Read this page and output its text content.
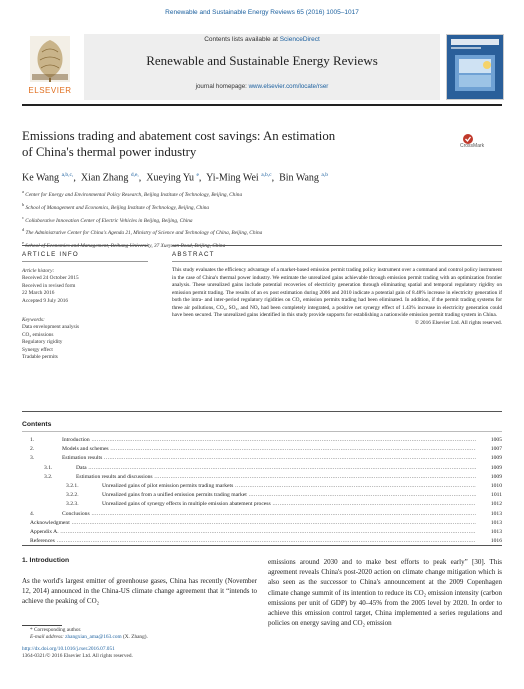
Renewable and Sustainable Energy Reviews 65 (2016) 1005–1017
ELSEVIER
Contents lists available at ScienceDirect
Renewable and Sustainable Energy Reviews
journal homepage: www.elsevier.com/locate/rser
Emissions trading and abatement cost savings: An estimation
of China's thermal power industry	CrossMark
Ke Wang $^{a,b,c,}$,  Xian Zhang $^{d,e,}$,  Xueying Yu $^e$,  Yi-Ming Wei $^{a,b,c}$,  Bin Wang $^{a,b}$
$^a$ Center for Energy and Environmental Policy Research, Beijing Institute of Technology, Beijing, China
$^b$ School of Management and Economics, Beijing Institute of Technology, Beijing, China
$^c$ Collaborative Innovation Center of Electric Vehicles in Beijing, Beijing, China
$^d$ The Administrative Center for China's Agenda 21, Ministry of Science and Technology of China, Beijing, China
$^e$ 37 Xueyuan
ARTICLE INFO	ABSTRACT
Article history:
Received 24 October 2015
Received in revised form
22 March 2016
Accepted 9 July 2016
Keywords:
Data envelopment analysis
CO₂ emissions
Regulatory rigidity
Synergy effect
Tradable permits
This study evaluates the efficiency advantage of a market-based emission permit trading policy instrument over a command and control policy instrument in the case of China's thermal power industry. We estimate the unrealized gains achievable through emission permit trading with an optimization frontier analysis. These unrealized gains include potential recoveries of electricity generation through eliminating spatial and temporal regulatory rigidity on emission permit trading. The results of an ex post estimation during 2006 and 2010 indicate a potential gain of 8.48% increase in electricity generation if both the intra- and inter-period regulatory rigidities on CO₂ emission permits trading had been eliminated. In addition, if the permit trading systems for three air pollutions, CO₂, SO₂, and NOₓ had been completely integrated, a positive net synergy effect of 1.43% increase in electricity generation could have been secured. The unrealized gains identified in this study provide supports for establishing a nationwide emission permit trading system in China.
© 2016 Elsevier Ltd. All rights reserved.
Contents
1.	Introduction .....	1005
2.	Models and schemes .....	1007
3.	Estimation results .....	1009
3.1.	Data .....	1009
3.2.	Estimation results and discussions .....	1009
3.2.1.	Unrealized gains of pilot emission permits trading markets .....	1010
3.2.2.	Unrealized gains from a unified emission permits trading market .....	1011
3.2.3.	Unrealized gains of synergy effects in multiple emission abatement process .....	1012
4.	Conclusions .....	1013
Acknowledgment .....	1013
Appendix A. .....	1013
References .....	1016
1. Introduction
As the world's largest emitter of greenhouse gases, China has recently (November 12, 2014) announced in the China-US climate change agreement that it “intends to achieve the peaking of CO₂
emissions around 2030 and to make best efforts to peak early” [30]. This agreement reveals China's post-2020 action on climate change mitigation which is also seen as the successor to China's announcement at the 2009 Copenhagen climate change summit of its intention to reduce its CO₂ emission intensity (carbon emissions per unit of GDP) by 40–45% from the 2005 level by 2020. In order to achieve this emission control target, China implemented a series regulations and policies on energy saving and CO₂ emission
* Corresponding author.
E-mail address: zhangxian_ama@163.com (X. Zhang).
http://dx.doi.org/10.1016/j.rser.2016.07.051
1364-0321/© 2016 Elsevier Ltd. All rights reserved.
